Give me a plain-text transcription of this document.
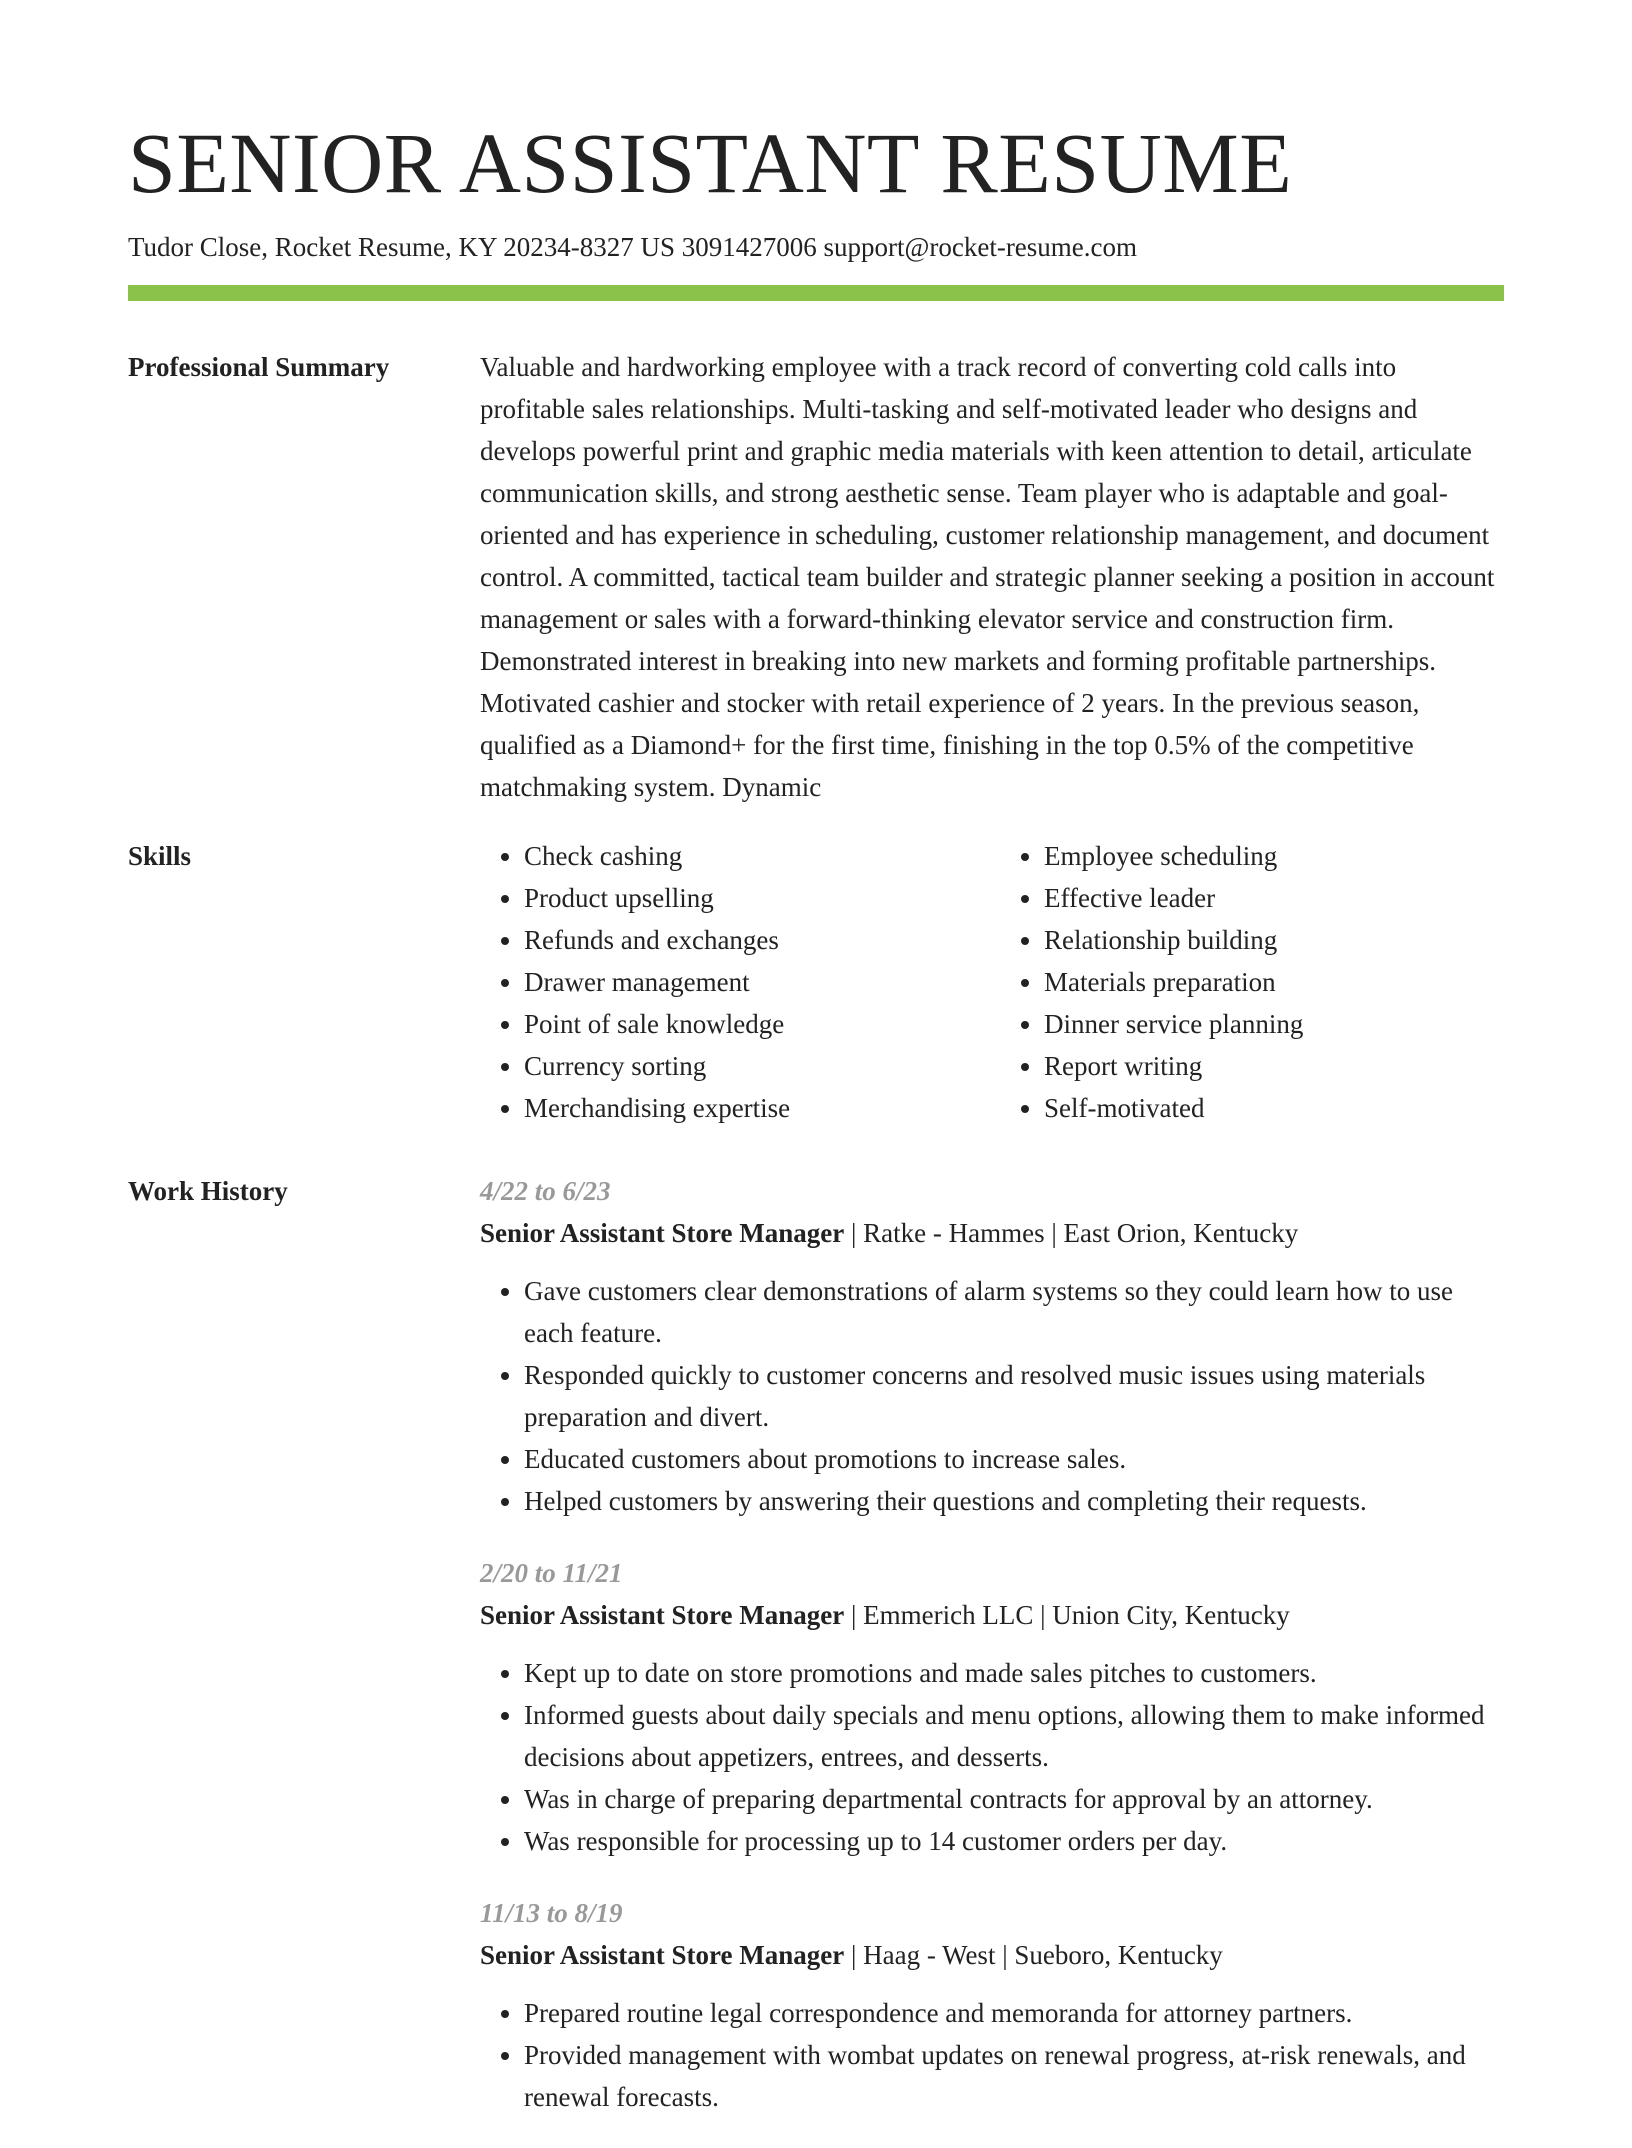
SENIOR ASSISTANT RESUME
Tudor Close, Rocket Resume, KY 20234-8327 US 3091427006 support@rocket-resume.com
Professional Summary	Valuable and hardworking employee with a track record of converting cold calls into profitable sales relationships. Multi-tasking and self-motivated leader who designs and develops powerful print and graphic media materials with keen attention to detail, articulate communication skills, and strong aesthetic sense. Team player who is adaptable and goal-oriented and has experience in scheduling, customer relationship management, and document control. A committed, tactical team builder and strategic planner seeking a position in account management or sales with a forward-thinking elevator service and construction firm. Demonstrated interest in breaking into new markets and forming profitable partnerships. Motivated cashier and stocker with retail experience of 2 years. In the previous season, qualified as a Diamond+ for the first time, finishing in the top 0.5% of the competitive matchmaking system. Dynamic

Skills
•	Check cashing
• Product upselling
• Refunds and exchanges
• Drawer management
• Point of sale knowledge
• Currency sorting
• Merchandising expertise
• Employee scheduling
• Effective leader
• Relationship building
• Materials preparation
• Dinner service planning
• Report writing
• Self-motivated
Work History	4/22 to 6/23
Senior Assistant Store Manager | Ratke - Hammes | East Orion, Kentucky
• Gave customers clear demonstrations of alarm systems so they could learn how to use each feature.
• Responded quickly to customer concerns and resolved music issues using materials preparation and divert.
• Educated customers about promotions to increase sales.
• Helped customers by answering their questions and completing their requests.
2/20 to 11/21
Senior Assistant Store Manager | Emmerich LLC | Union City, Kentucky
• Kept up to date on store promotions and made sales pitches to customers.
• Informed guests about daily specials and menu options, allowing them to make informed decisions about appetizers, entrees, and desserts.
• Was in charge of preparing departmental contracts for approval by an attorney.
• Was responsible for processing up to 14 customer orders per day.
11/13 to 8/19
Senior Assistant Store Manager | Haag - West | Sueboro, Kentucky
• Prepared routine legal correspondence and memoranda for attorney partners.
• Provided management with wombat updates on renewal progress, at-risk renewals, and renewal forecasts.
